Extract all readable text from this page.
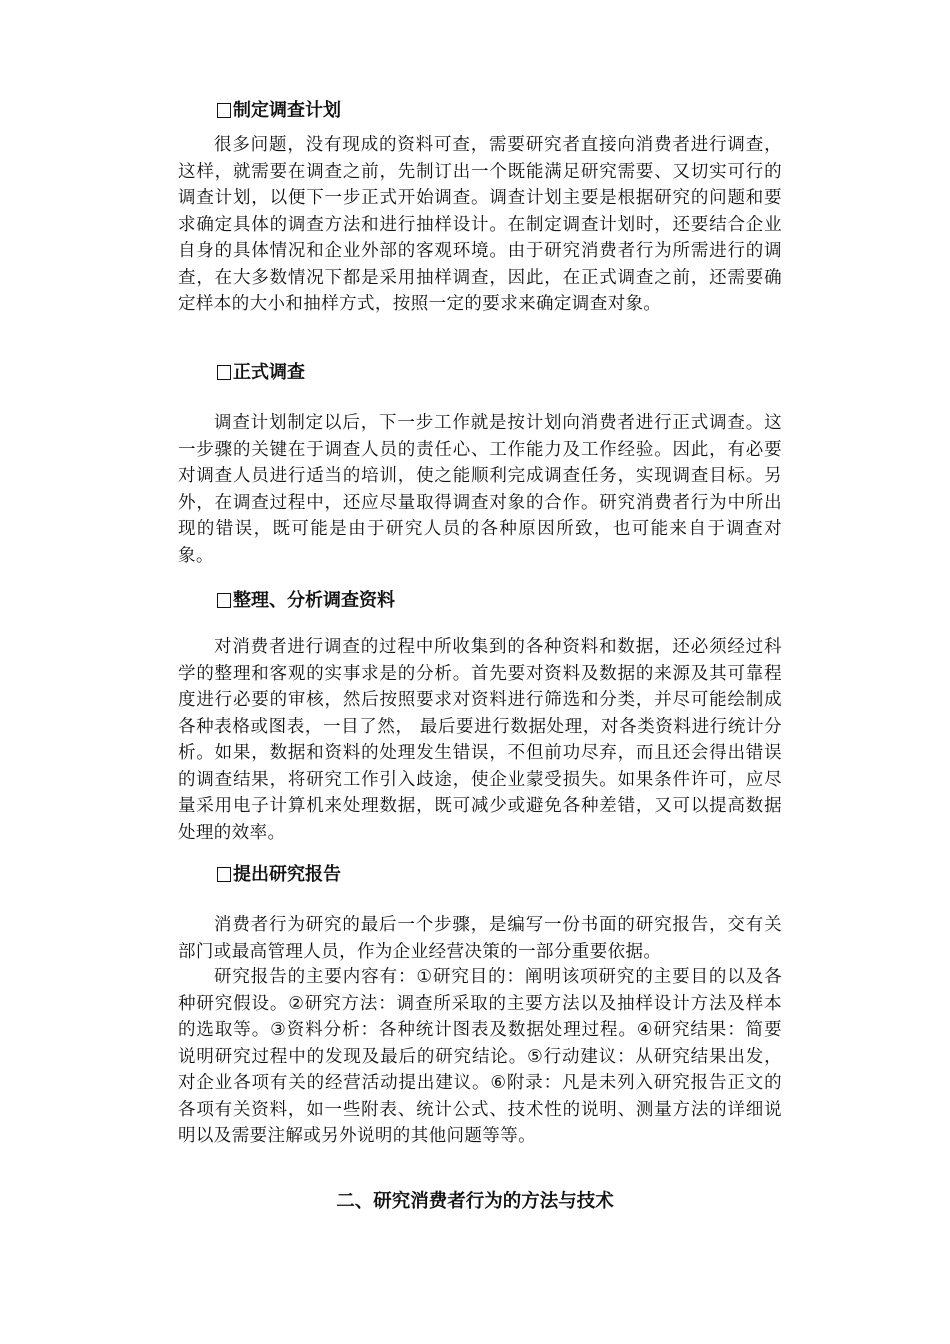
制定调查计划

很多问题，没有现成的资料可查，需要研究者直接向消费者进行调查，这样，就需要在调查之前，先制订出一个既能满足研究需要、又切实可行的调查计划，以便下一步正式开始调查。调查计划主要是根据研究的问题和要求确定具体的调查方法和进行抽样设计。在制定调查计划时，还要结合企业自身的具体情况和企业外部的客观环境。由于研究消费者行为所需进行的调查，在大多数情况下都是采用抽样调查，因此，在正式调查之前，还需要确定样本的大小和抽样方式，按照一定的要求来确定调查对象。

正式调查

调查计划制定以后，下一步工作就是按计划向消费者进行正式调查。这一步骤的关键在于调查人员的责任心、工作能力及工作经验。因此，有必要对调查人员进行适当的培训，使之能顺利完成调查任务，实现调查目标。另外，在调查过程中，还应尽量取得调查对象的合作。研究消费者行为中所出现的错误，既可能是由于研究人员的各种原因所致，也可能来自于调查对象。

整理、分析调查资料

对消费者进行调查的过程中所收集到的各种资料和数据，还必须经过科学的整理和客观的实事求是的分析。首先要对资料及数据的来源及其可靠程度进行必要的审核，然后按照要求对资料进行筛选和分类，并尽可能绘制成各种表格或图表，一目了然， 最后要进行数据处理，对各类资料进行统计分析。如果，数据和资料的处理发生错误，不但前功尽弃，而且还会得出错误的调查结果，将研究工作引入歧途，使企业蒙受损失。如果条件许可，应尽量采用电子计算机来处理数据，既可减少或避免各种差错，又可以提高数据处理的效率。

提出研究报告

消费者行为研究的最后一个步骤，是编写一份书面的研究报告，交有关部门或最高管理人员，作为企业经营决策的一部分重要依据。

研究报告的主要内容有：①研究目的：阐明该项研究的主要目的以及各种研究假设。②研究方法：调查所采取的主要方法以及抽样设计方法及样本的选取等。③资料分析：各种统计图表及数据处理过程。④研究结果：简要说明研究过程中的发现及最后的研究结论。⑤行动建议：从研究结果出发，对企业各项有关的经营活动提出建议。⑥附录：凡是未列入研究报告正文的各项有关资料，如一些附表、统计公式、技术性的说明、测量方法的详细说明以及需要注解或另外说明的其他问题等等。

二、研究消费者行为的方法与技术
